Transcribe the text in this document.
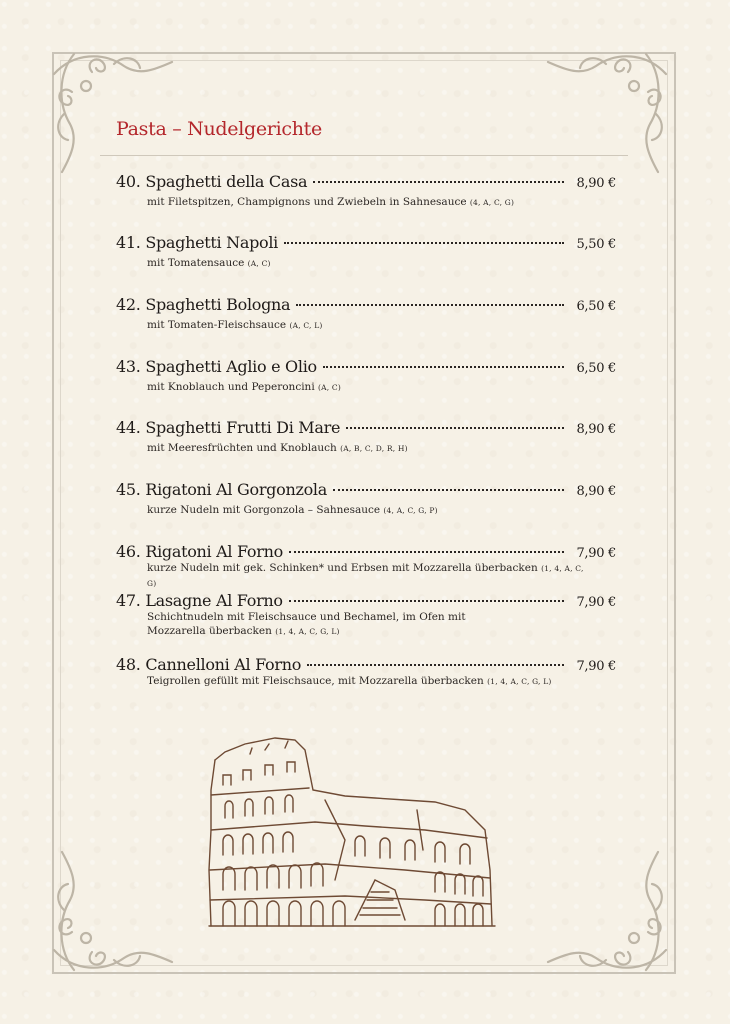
Pasta – Nudelgerichte
40. Spaghetti della Casa	8,90 €
mit Filetspitzen, Champignons und Zwiebeln in Sahnesauce (4, A, C, G)
41. Spaghetti Napoli	5,50 €
mit Tomatensauce (A, C)
42. Spaghetti Bologna	6,50 €
mit Tomaten-Fleischsauce (A, C, L)
43. Spaghetti Aglio e Olio	6,50 €
mit Knoblauch und Peperoncini (A, C)
44. Spaghetti Frutti Di Mare	8,90 €
mit Meeresfrüchten und Knoblauch (A, B, C, D, R, H)
45. Rigatoni Al Gorgonzola	8,90 €
kurze Nudeln mit Gorgonzola – Sahnesauce (4, A, C, G, P)
46. Rigatoni Al Forno	7,90 €
kurze Nudeln mit gek. Schinken* und Erbsen mit Mozzarella überbacken (1, 4, A, C, G)
47. Lasagne Al Forno	7,90 €
Schichtnudeln mit Fleischsauce und Bechamel, im Ofen mit Mozzarella überbacken (1, 4, A, C, G, L)
48. Cannelloni Al Forno	7,90 €
Teigrollen gefüllt mit Fleischsauce, mit Mozzarella überbacken (1, 4, A, C, G, L)
